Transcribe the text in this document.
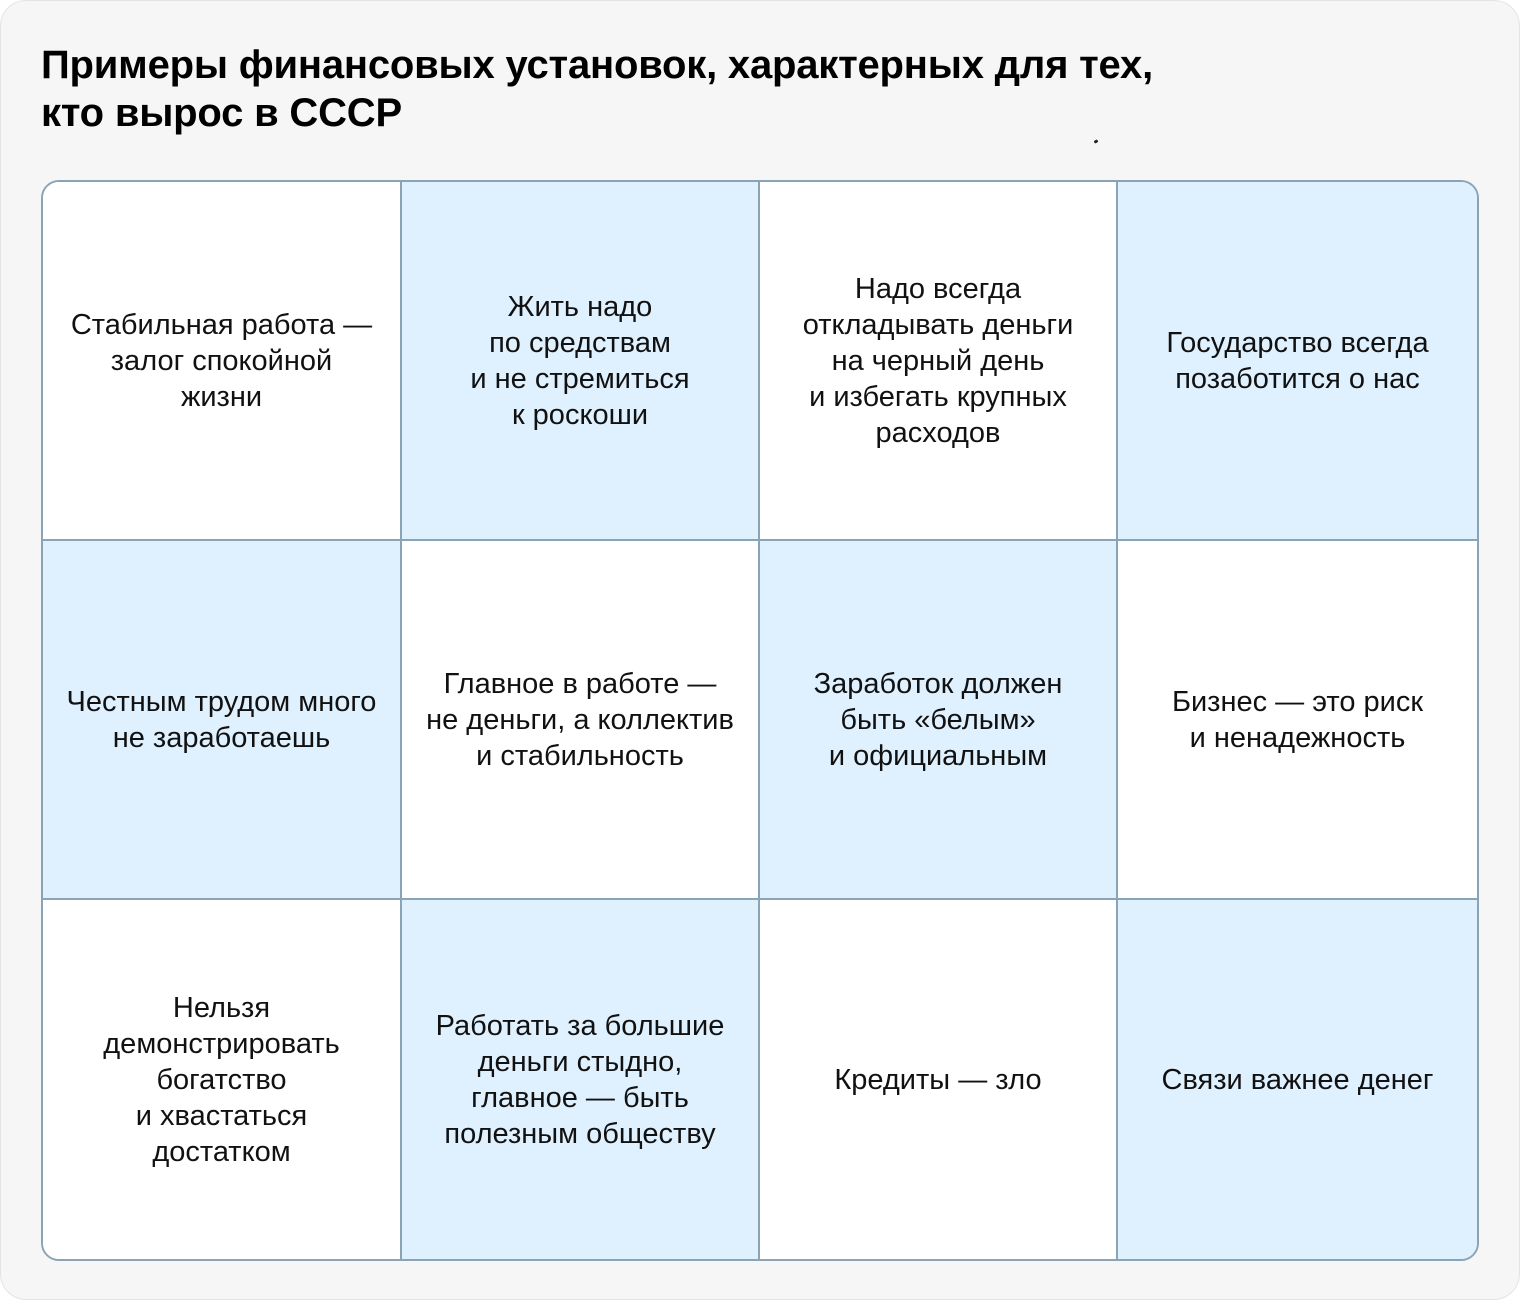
Примеры финансовых установок, характерных для тех,
кто вырос в СССР
Стабильная работа —
залог спокойной
жизни
Жить надо
по средствам
и не стремиться
к роскоши
Надо всегда
откладывать деньги
на черный день
и избегать крупных
расходов
Государство всегда
позаботится о нас
Честным трудом много
не заработаешь
Главное в работе —
не деньги, а коллектив
и стабильность
Заработок должен
быть «белым»
и официальным
Бизнес — это риск
и ненадежность
Нельзя
демонстрировать
богатство
и хвастаться
достатком
Работать за большие
деньги стыдно,
главное — быть
полезным обществу
Кредиты — зло	Связи важнее денег
